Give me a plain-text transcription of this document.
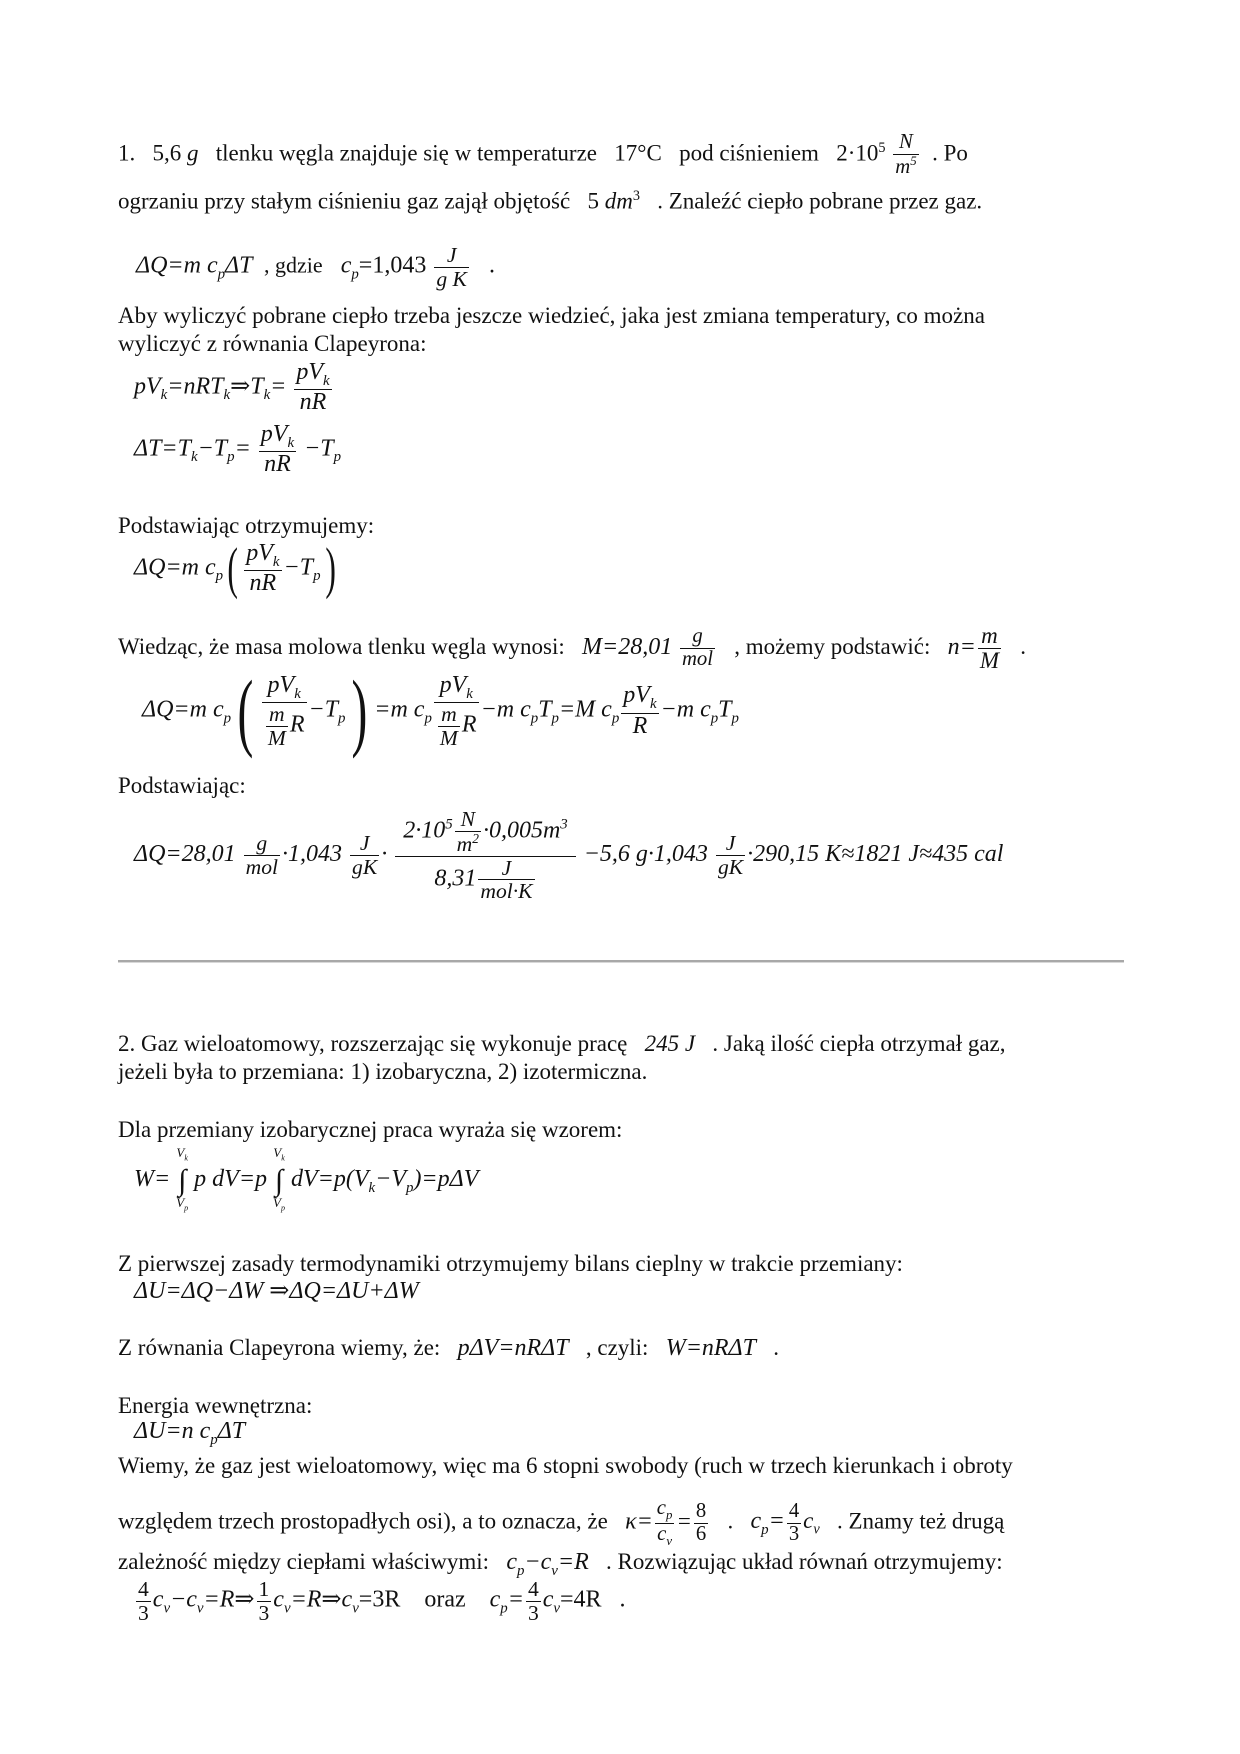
1. 5,6 g tlenku węgla znajduje się w temperaturze 17°C pod ciśnieniem $2\cdot 10^5 \frac{N}{m^5}$ . Po
ogrzaniu przy stałym ciśnieniu gaz zajął objętość 5 $dm^3$ . Znaleźć ciepło pobrane przez gaz.
ΔQ=m $c_p\Delta T$ , gdzie $c_p=1,043 \frac{J}{\text{g K}}$ .
Aby wyliczyć pobrane ciepło trzeba jeszcze wiedzieć, jaka jest zmiana temperatury, co można
wyliczyć z równania Clapeyrona:
$pV_k=nRT_k\Rightarrow T_k= \frac{pV_k}{nR}$
$\Delta T=T_k-T_p= \frac{pV_k}{nR} -T_p$
Podstawiając otrzymujemy:
ΔQ=m $c_p( \frac{pV_k}{nR} -T_p)$
Wiedząc, że masa molowa tlenku węgla wynosi: $M=28,01 \frac{g}{\text{mol}}$ , możemy podstawić: $n= \frac{m}{M}$ .
ΔQ=m $c_p( \frac{pV_k}{\frac{m}{M} R} -T_p) =m$ $c_p \frac{pV_k}{\frac{m}{M} R} -m$ $c_pT_p=M$ $c_p \frac{pV_k}{R} -m$ $c_pT_p$
Podstawiając:
$\Delta Q=28,01 \frac{g}{\text{mol}} \cdot 1,043 \frac{J}{gK} \cdot \frac{2\cdot 10^5 \frac{N}{m^2} \cdot 0,005m^3}{8,31 \frac{J}{\text{mol·K}}} -5,6$ $g\cdot 1,043 \frac{J}{gK} \cdot 290,15$ K≈1821 J≈435 cal
2. Gaz wieloatomowy, rozszerzając się wykonuje pracę 245 J . Jaką ilość ciepła otrzymał gaz,
jeżeli była to przemiana: 1) izobaryczna, 2) izotermiczna.
Dla przemiany izobarycznej praca wyraża się wzorem:
W=
$V_k$
∫
$V_p$
p dV=p
$V_k$
∫
$V_p$
$dV=p(V_k-V_p)=p\Delta V$
Z pierwszej zasady termodynamiki otrzymujemy bilans cieplny w trakcie przemiany:
ΔU=ΔQ−ΔW ⇒ΔQ=ΔU+ΔW
Z równania Clapeyrona wiemy, że: pΔV=nRΔT , czyli: W=nRΔT .
Energia wewnętrzna:
ΔU=n $c_p\Delta T$
Wiemy, że gaz jest wieloatomowy, więc ma 6 stopni swobody (ruch w trzech kierunkach i obroty
względem trzech prostopadłych osi), a to oznacza, że $\kappa= \frac{c_p}{c_v} = \frac{8}{6}$ . $c_p= \frac{4}{3} c_v$ . Znamy też drugą
zależność między ciepłami właściwymi: $c_p-c_v=R$ . Rozwiązując układ równań otrzymujemy:
$\frac{4}{3}$ $c_v-c_v=R\Rightarrow \frac{1}{3}$ $c_v=R\Rightarrow c_v=3R$ oraz $c_p= \frac{4}{3} c_v=4R$ .
